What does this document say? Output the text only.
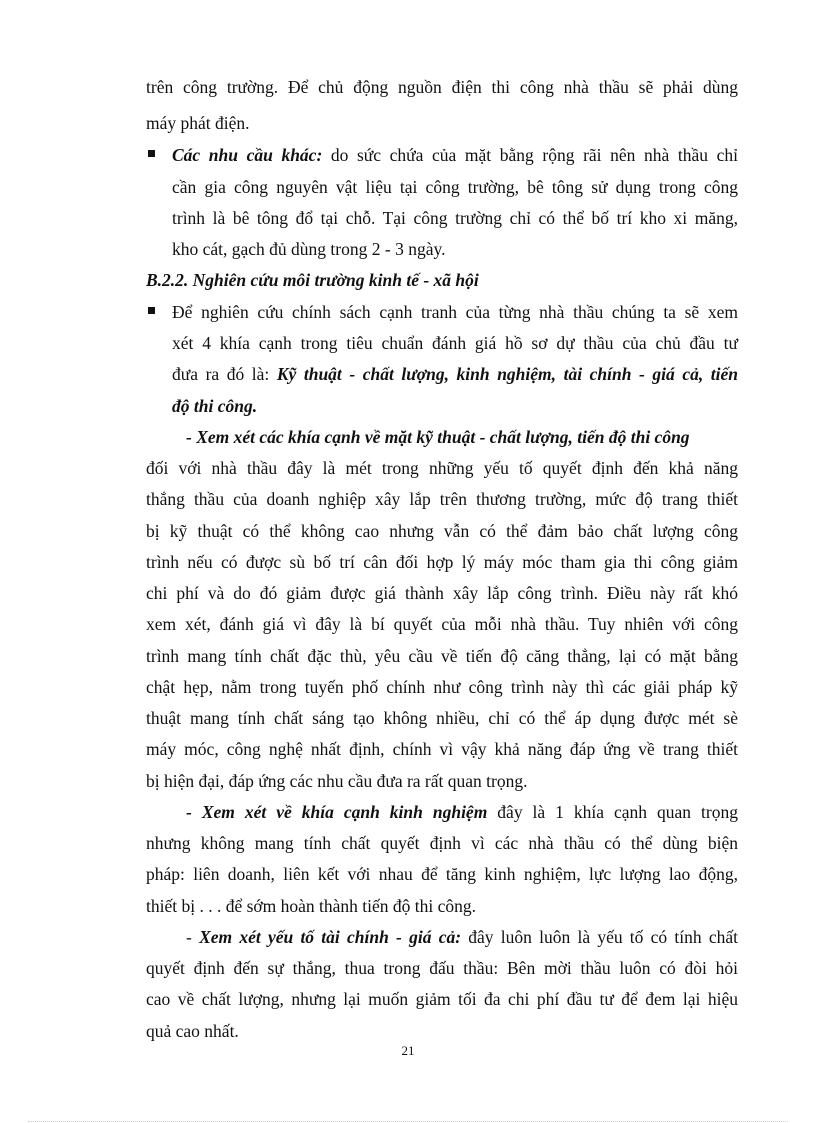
trên công trường. Để chủ động nguồn điện thi công nhà thầu sẽ phải dùng

máy phát điện.

Các nhu cầu khác: do sức chứa của mặt bằng rộng rãi nên nhà thầu chỉ

cần gia công nguyên vật liệu tại công trường, bê tông sử dụng trong công

trình là bê tông đổ tại chỗ. Tại công trường chỉ có thể bố trí kho xi măng,

kho cát, gạch đủ dùng trong 2 - 3 ngày.

B.2.2. Nghiên cứu môi trường kinh tế - xã hội

Để nghiên cứu chính sách cạnh tranh của từng nhà thầu chúng ta sẽ xem

xét 4 khía cạnh trong tiêu chuẩn đánh giá hồ sơ dự thầu của chủ đầu tư

đưa ra đó là: Kỹ thuật - chất lượng, kinh nghiệm, tài chính - giá cả, tiến

độ thi công.

- Xem xét các khía cạnh về mặt kỹ thuật - chất lượng, tiến độ thi công

đối với nhà thầu đây là mét trong những yếu tố quyết định đến khả năng

thắng thầu của doanh nghiệp xây lắp trên thương trường, mức độ trang thiết

bị kỹ thuật có thể không cao nhưng vẫn có thể đảm bảo chất lượng công

trình nếu có được sù bố trí cân đối hợp lý máy móc tham gia thi công giảm

chi phí và do đó giảm được giá thành xây lắp công trình. Điều này rất khó

xem xét, đánh giá vì đây là bí quyết của mỗi nhà thầu. Tuy nhiên với công

trình mang tính chất đặc thù, yêu cầu về tiến độ căng thẳng, lại có mặt bằng

chật hẹp, nằm trong tuyến phố chính như công trình này thì các giải pháp kỹ

thuật mang tính chất sáng tạo không nhiều, chỉ có thể áp dụng được mét sè

máy móc, công nghệ nhất định, chính vì vậy khả năng đáp ứng về trang thiết

bị hiện đại, đáp ứng các nhu cầu đưa ra rất quan trọng.

- Xem xét về khía cạnh kinh nghiệm đây là 1 khía cạnh quan trọng

nhưng không mang tính chất quyết định vì các nhà thầu có thể dùng biện

pháp: liên doanh, liên kết với nhau để tăng kinh nghiệm, lực lượng lao động,

thiết bị . . . để sớm hoàn thành tiến độ thi công.

- Xem xét yếu tố tài chính - giá cả: đây luôn luôn là yếu tố có tính chất

quyết định đến sự thắng, thua trong đấu thầu: Bên mời thầu luôn có đòi hỏi

cao về chất lượng, nhưng lại muốn giảm tối đa chi phí đầu tư để đem lại hiệu

quả cao nhất.

21
